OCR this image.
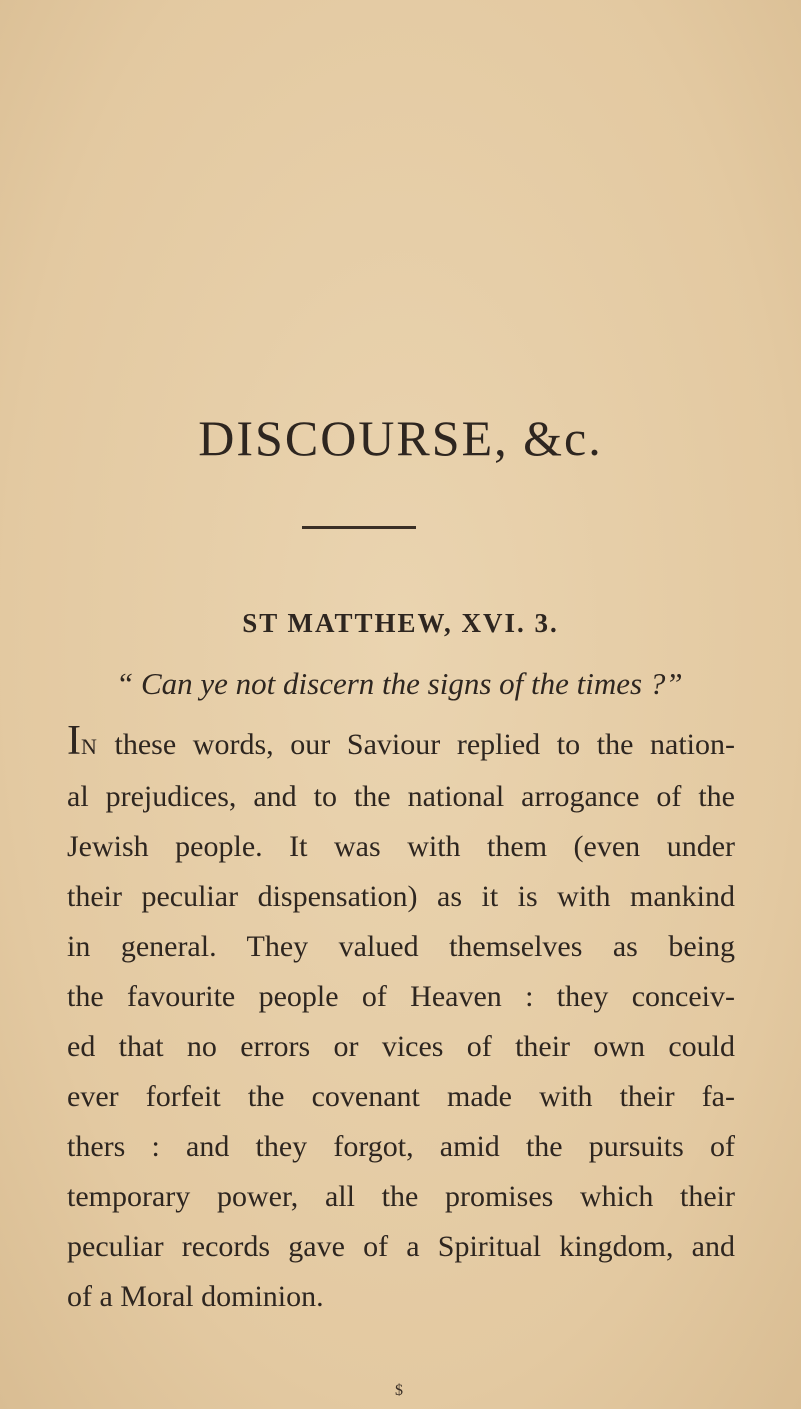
DISCOURSE, &c.
ST MATTHEW, XVI. 3.
“ Can ye not discern the signs of the times ?”
IN these words, our Saviour replied to the nation-
al prejudices, and to the national arrogance of the
Jewish people. It was with them (even under
their peculiar dispensation) as it is with mankind
in general. They valued themselves as being
the favourite people of Heaven : they conceiv-
ed that no errors or vices of their own could
ever forfeit the covenant made with their fa-
thers : and they forgot, amid the pursuits of
temporary power, all the promises which their
peculiar records gave of a Spiritual kingdom, and
of a Moral dominion.
$
